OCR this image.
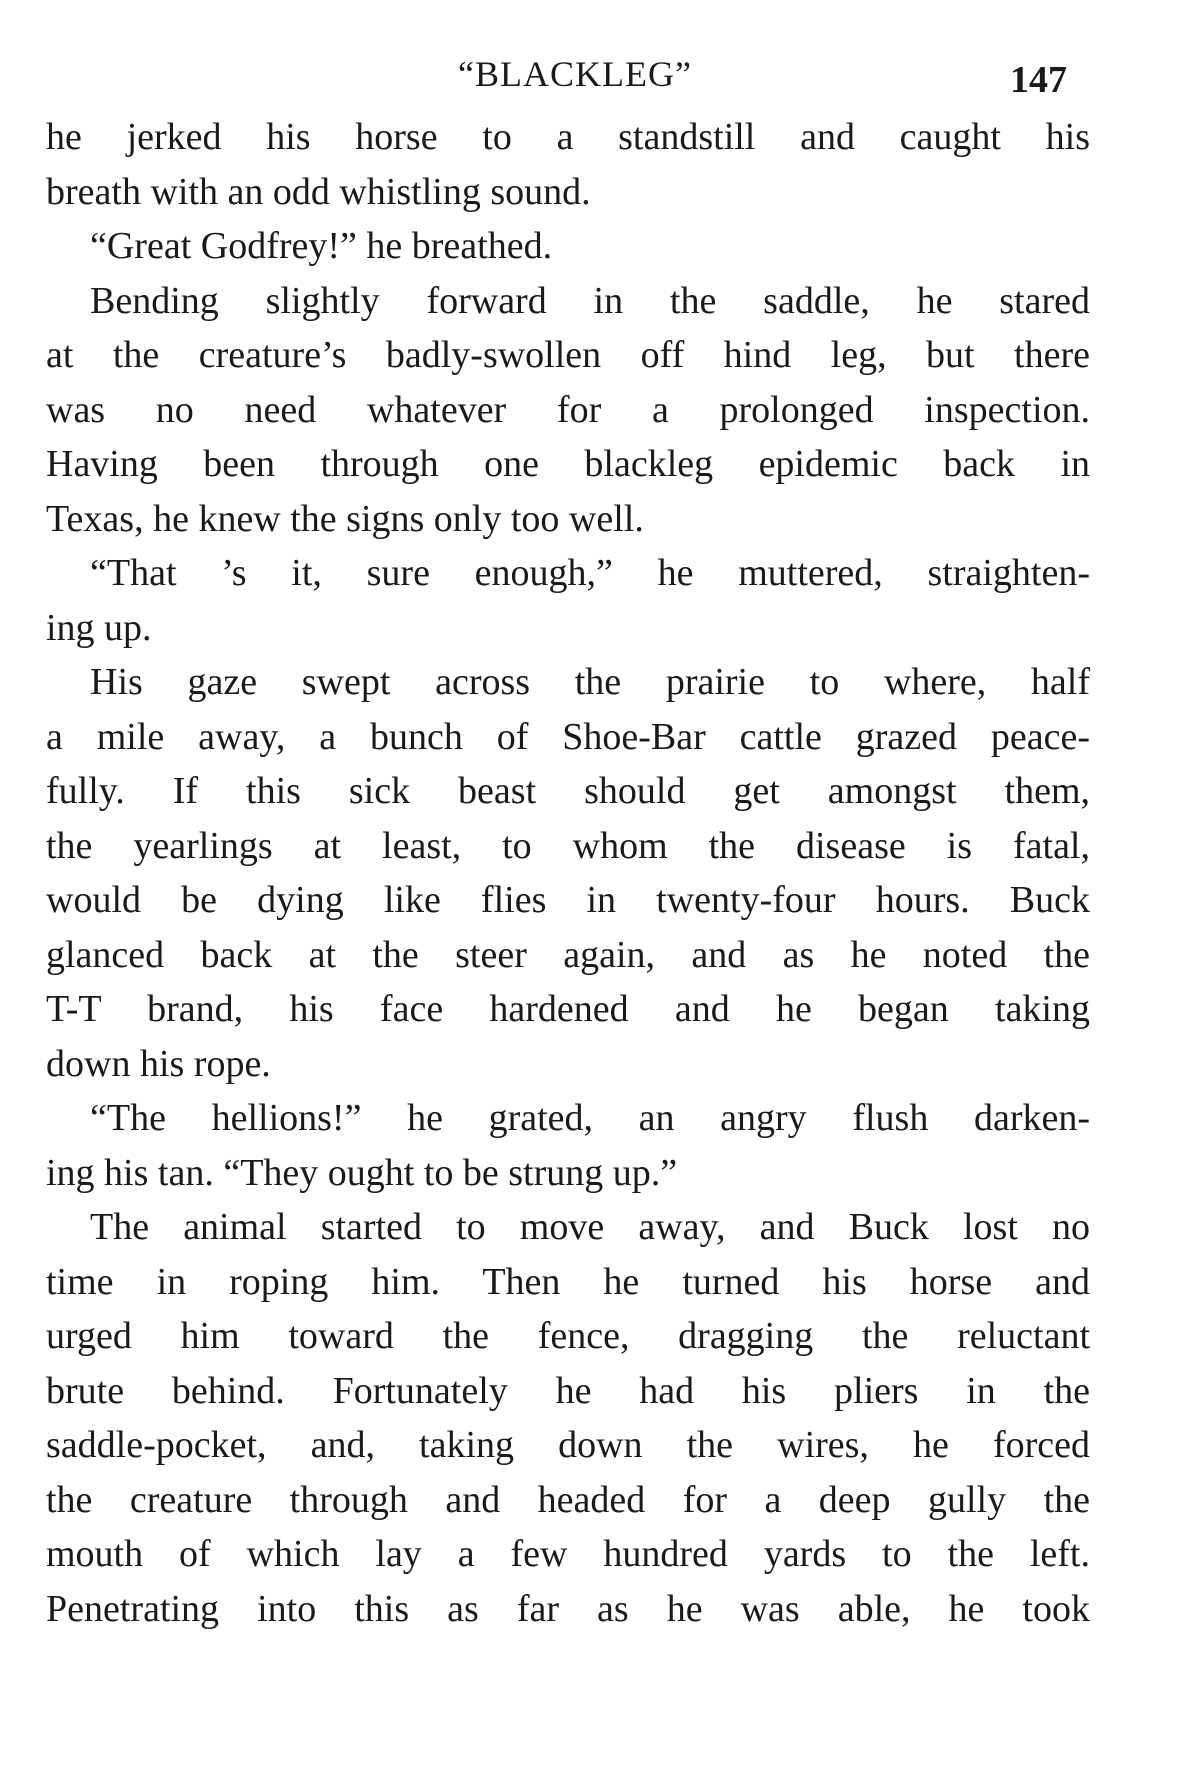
“BLACKLEG”	147
he jerked his horse to a standstill and caught his
breath with an odd whistling sound.
“Great Godfrey!” he breathed.
Bending slightly forward in the saddle, he stared
at the creature’s badly-swollen off hind leg, but there
was no need whatever for a prolonged inspection.
Having been through one blackleg epidemic back in
Texas, he knew the signs only too well.
“That ’s it, sure enough,” he muttered, straighten-
ing up.
His gaze swept across the prairie to where, half
a mile away, a bunch of Shoe-Bar cattle grazed peace-
fully. If this sick beast should get amongst them,
the yearlings at least, to whom the disease is fatal,
would be dying like flies in twenty-four hours. Buck
glanced back at the steer again, and as he noted the
T-T brand, his face hardened and he began taking
down his rope.
“The hellions!” he grated, an angry flush darken-
ing his tan. “They ought to be strung up.”
The animal started to move away, and Buck lost no
time in roping him. Then he turned his horse and
urged him toward the fence, dragging the reluctant
brute behind. Fortunately he had his pliers in the
saddle-pocket, and, taking down the wires, he forced
the creature through and headed for a deep gully the
mouth of which lay a few hundred yards to the left.
Penetrating into this as far as he was able, he took
